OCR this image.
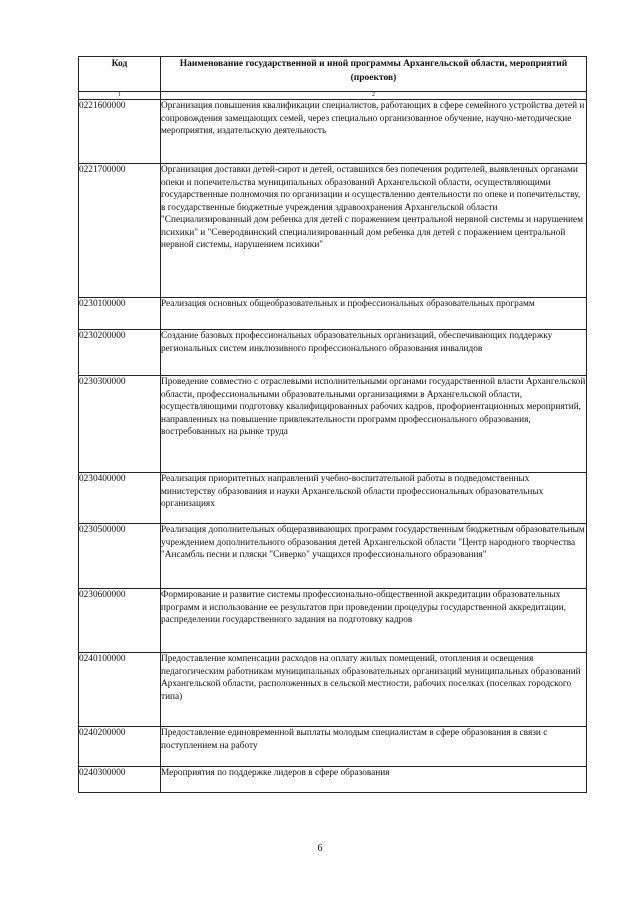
Код	Наименование государственной и иной программы Архангельской области, мероприятий (проектов)
1	2
0221600000	Организация повышения квалификации специалистов, работающих в сфере семейного устройства детей и сопровождения замещающих семей, через специально организованное обучение, научно-методические мероприятия, издательскую деятельность
0221700000	Организация доставки детей-сирот и детей, оставшихся без попечения родителей, выявленных органами опеки и попечительства муниципальных образований Архангельской области, осуществляющими государственные полномочия по организации и осуществлению деятельности по опеке и попечительству, в государственные бюджетные учреждения здравоохранения Архангельской области "Специализированный дом ребенка для детей с поражением центральной нервной системы и нарушением психики" и "Северодвинский специализированный дом ребенка для детей с поражением центральной нервной системы, нарушением психики"
0230100000	Реализация основных общеобразовательных и профессиональных образовательных программ
0230200000	Создание базовых профессиональных образовательных организаций, обеспечивающих поддержку региональных систем инклюзивного профессионального образования инвалидов
0230300000	Проведение совместно с отраслевыми исполнительными органами государственной власти Архангельской области, профессиональными образовательными организациями в Архангельской области, осуществляющими подготовку квалифицированных рабочих кадров, профориентационных мероприятий, направленных на повышение привлекательности программ профессионального образования, востребованных на рынке труда
0230400000	Реализация приоритетных направлений учебно-воспитательной работы в подведомственных министерству образования и науки Архангельской области профессиональных образовательных организациях
0230500000	Реализация дополнительных общеразвивающих программ государственным бюджетным образовательным учреждением дополнительного образования детей Архангельской области "Центр народного творчества "Ансамбль песни и пляски "Сиверко" учащихся профессионального образования"
0230600000	Формирование и развитие системы профессионально-общественной аккредитации образовательных программ и использование ее результатов при проведении процедуры государственной аккредитации, распределении государственного задания на подготовку кадров
0240100000	Предоставление компенсации расходов на оплату жилых помещений, отопления и освещения педагогическим работникам муниципальных образовательных организаций муниципальных образований Архангельской области, расположенных в сельской местности, рабочих поселках (поселках городского типа)
0240200000	Предоставление единовременной выплаты молодым специалистам в сфере образования в связи с поступлением на работу
0240300000	Мероприятия по поддержке лидеров в сфере образования
6
